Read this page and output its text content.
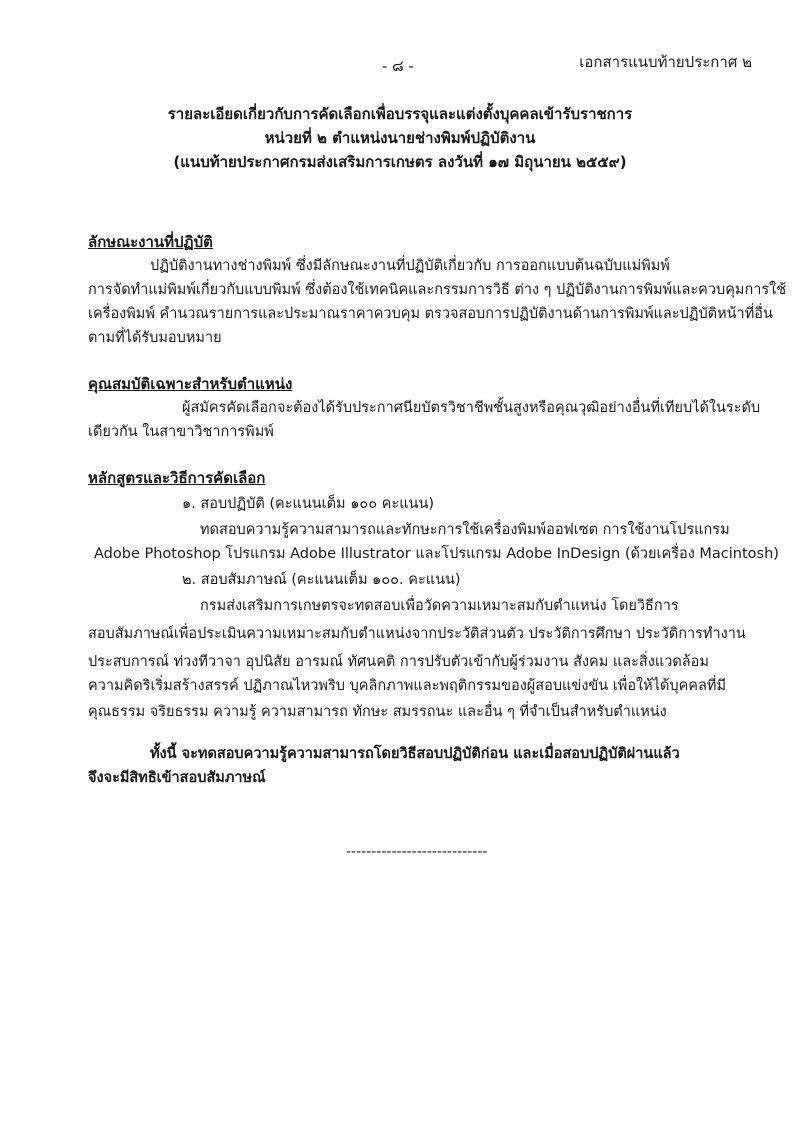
เอกสารแนบท้ายประกาศ ๒
- ๘ -
รายละเอียดเกี่ยวกับการคัดเลือกเพื่อบรรจุและแต่งตั้งบุคคลเข้ารับราชการ
หน่วยที่ ๒ ตำแหน่งนายช่างพิมพ์ปฏิบัติงาน
(แนบท้ายประกาศกรมส่งเสริมการเกษตร ลงวันที่ ๑๗ มิถุนายน ๒๕๕๙)
ลักษณะงานที่ปฏิบัติ
ปฏิบัติงานทางช่างพิมพ์ ซึ่งมีลักษณะงานที่ปฏิบัติเกี่ยวกับ การออกแบบต้นฉบับแม่พิมพ์
การจัดทำแม่พิมพ์เกี่ยวกับแบบพิมพ์ ซึ่งต้องใช้เทคนิคและกรรมการวิธี ต่าง ๆ ปฏิบัติงานการพิมพ์และควบคุมการใช้
เครื่องพิมพ์ คำนวณรายการและประมาณราคาควบคุม ตรวจสอบการปฏิบัติงานด้านการพิมพ์และปฏิบัติหน้าที่อื่น
ตามที่ได้รับมอบหมาย
คุณสมบัติเฉพาะสำหรับตำแหน่ง
ผู้สมัครคัดเลือกจะต้องได้รับประกาศนียบัตรวิชาชีพชั้นสูงหรือคุณวุฒิอย่างอื่นที่เทียบได้ในระดับ
เดียวกัน ในสาขาวิชาการพิมพ์
หลักสูตรและวิธีการคัดเลือก
๑. สอบปฏิบัติ (คะแนนเต็ม ๑๐๐ คะแนน)
ทดสอบความรู้ความสามารถและทักษะการใช้เครื่องพิมพ์ออฟเซต การใช้งานโปรแกรม
Adobe Photoshop โปรแกรม Adobe Illustrator และโปรแกรม Adobe InDesign (ด้วยเครื่อง Macintosh)
๒. สอบสัมภาษณ์ (คะแนนเต็ม ๑๐๐. คะแนน)
กรมส่งเสริมการเกษตรจะทดสอบเพื่อวัดความเหมาะสมกับตำแหน่ง โดยวิธีการ
สอบสัมภาษณ์เพื่อประเมินความเหมาะสมกับตำแหน่งจากประวัติส่วนตัว ประวัติการศึกษา ประวัติการทำงาน
ประสบการณ์ ท่วงทีวาจา อุปนิสัย อารมณ์ ทัศนคติ การปรับตัวเข้ากับผู้ร่วมงาน สังคม และสิ่งแวดล้อม
ความคิดริเริ่มสร้างสรรค์ ปฏิภาณไหวพริบ บุคลิกภาพและพฤติกรรมของผู้สอบแข่งขัน เพื่อให้ได้บุคคลที่มี
คุณธรรม จริยธรรม ความรู้ ความสามารถ ทักษะ สมรรถนะ และอื่น ๆ ที่จำเป็นสำหรับตำแหน่ง
ทั้งนี้ จะทดสอบความรู้ความสามารถโดยวิธีสอบปฏิบัติก่อน และเมื่อสอบปฏิบัติผ่านแล้ว
จึงจะมีสิทธิเข้าสอบสัมภาษณ์
----------------------------
